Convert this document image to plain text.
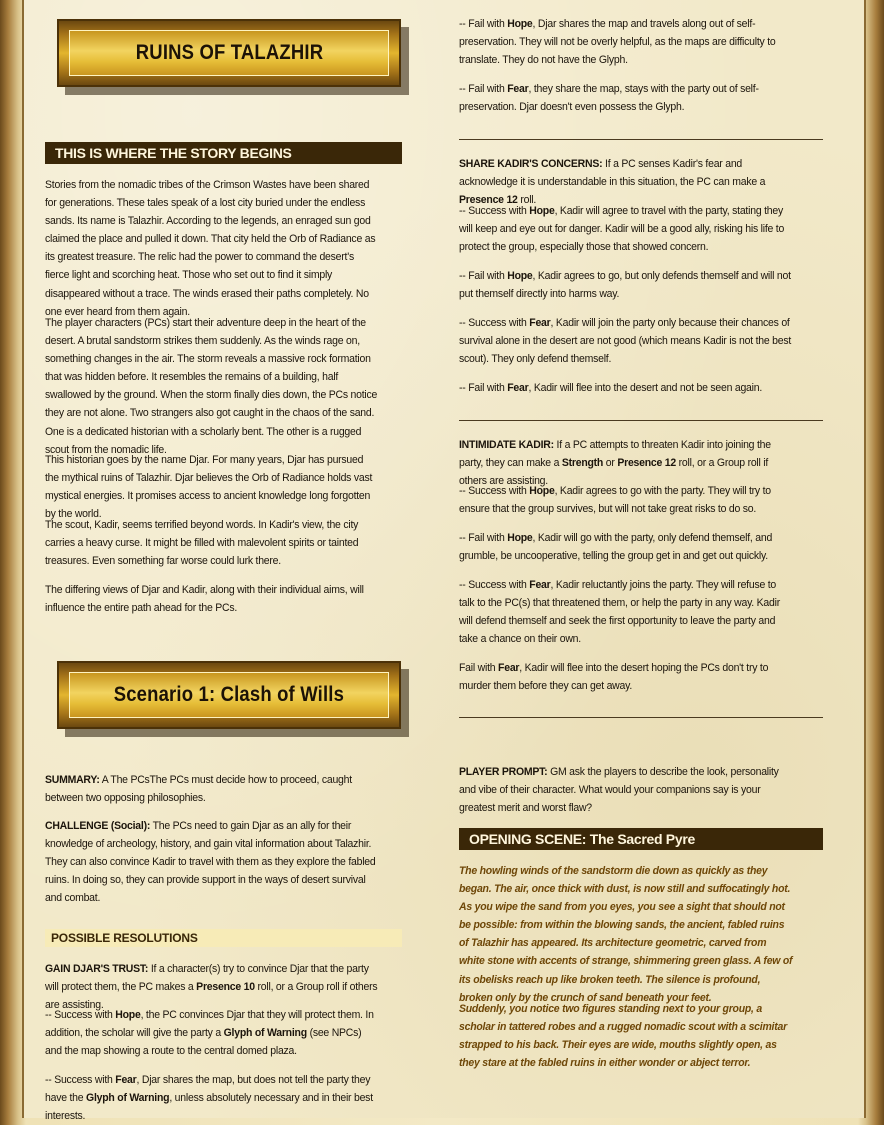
RUINS OF TALAZHIR
THIS IS WHERE THE STORY BEGINS

Stories from the nomadic tribes of the Crimson Wastes have been shared for generations. These tales speak of a lost city buried under the endless sands. Its name is Talazhir. According to the legends, an enraged sun god claimed the place and pulled it down. That city held the Orb of Radiance as its greatest treasure. The relic had the power to command the desert's fierce light and scorching heat. Those who set out to find it simply disappeared without a trace. The winds erased their paths completely. No one ever heard from them again.

The player characters (PCs) start their adventure deep in the heart of the desert. A brutal sandstorm strikes them suddenly. As the winds rage on, something changes in the air. The storm reveals a massive rock formation that was hidden before. It resembles the remains of a building, half swallowed by the ground. When the storm finally dies down, the PCs notice they are not alone. Two strangers also got caught in the chaos of the sand. One is a dedicated historian with a scholarly bent. The other is a rugged scout from the nomadic life.

This historian goes by the name Djar. For many years, Djar has pursued the mythical ruins of Talazhir. Djar believes the Orb of Radiance holds vast mystical energies. It promises access to ancient knowledge long forgotten by the world.

The scout, Kadir, seems terrified beyond words. In Kadir's view, the city carries a heavy curse. It might be filled with malevolent spirits or tainted treasures. Even something far worse could lurk there.

The differing views of Djar and Kadir, along with their individual aims, will influence the entire path ahead for the PCs.

Scenario 1: Clash of Wills

SUMMARY: A The PCsThe PCs must decide how to proceed, caught between two opposing philosophies.

CHALLENGE (Social): The PCs need to gain Djar as an ally for their knowledge of archeology, history, and gain vital information about Talazhir. They can also convince Kadir to travel with them as they explore the fabled ruins. In doing so, they can provide support in the ways of desert survival and combat.

POSSIBLE RESOLUTIONS

GAIN DJAR'S TRUST: If a character(s) try to convince Djar that the party will protect them, the PC makes a Presence 10 roll, or a Group roll if others are assisting.

-- Success with Hope, the PC convinces Djar that they will protect them. In addition, the scholar will give the party a Glyph of Warning (see NPCs) and the map showing a route to the central domed plaza.

-- Success with Fear, Djar shares the map, but does not tell the party they have the Glyph of Warning, unless absolutely necessary and in their best interests.

-- Fail with Hope, Djar shares the map and travels along out of self-preservation. They will not be overly helpful, as the maps are difficulty to translate. They do not have the Glyph.

-- Fail with Fear, they share the map, stays with the party out of self-preservation. Djar doesn't even possess the Glyph.

SHARE KADIR'S CONCERNS: If a PC senses Kadir's fear and acknowledge it is understandable in this situation, the PC can make a Presence 12 roll.

-- Success with Hope, Kadir will agree to travel with the party, stating they will keep and eye out for danger. Kadir will be a good ally, risking his life to protect the group, especially those that showed concern.

-- Fail with Hope, Kadir agrees to go, but only defends themself and will not put themself directly into harms way.

-- Success with Fear, Kadir will join the party only because their chances of survival alone in the desert are not good (which means Kadir is not the best scout). They only defend themself.

-- Fail with Fear, Kadir will flee into the desert and not be seen again.

INTIMIDATE KADIR: If a PC attempts to threaten Kadir into joining the party, they can make a Strength or Presence 12 roll, or a Group roll if others are assisting.

-- Success with Hope, Kadir agrees to go with the party. They will try to ensure that the group survives, but will not take great risks to do so.

-- Fail with Hope, Kadir will go with the party, only defend themself, and grumble, be uncooperative, telling the group get in and get out quickly.

-- Success with Fear, Kadir reluctantly joins the party. They will refuse to talk to the PC(s) that threatened them, or help the party in any way. Kadir will defend themself and seek the first opportunity to leave the party and take a chance on their own.

Fail with Fear, Kadir will flee into the desert hoping the PCs don't try to murder them before they can get away.

PLAYER PROMPT: GM ask the players to describe the look, personality and vibe of their character. What would your companions say is your greatest merit and worst flaw?

OPENING SCENE: The Sacred Pyre

The howling winds of the sandstorm die down as quickly as they began. The air, once thick with dust, is now still and suffocatingly hot. As you wipe the sand from you eyes, you see a sight that should not be possible: from within the blowing sands, the ancient, fabled ruins of Talazhir has appeared. Its architecture geometric, carved from white stone with accents of strange, shimmering green glass. A few of its obelisks reach up like broken teeth. The silence is profound, broken only by the crunch of sand beneath your feet.

Suddenly, you notice two figures standing next to your group, a scholar in tattered robes and a rugged nomadic scout with a scimitar strapped to his back. Their eyes are wide, mouths slightly open, as they stare at the fabled ruins in either wonder or abject terror.
